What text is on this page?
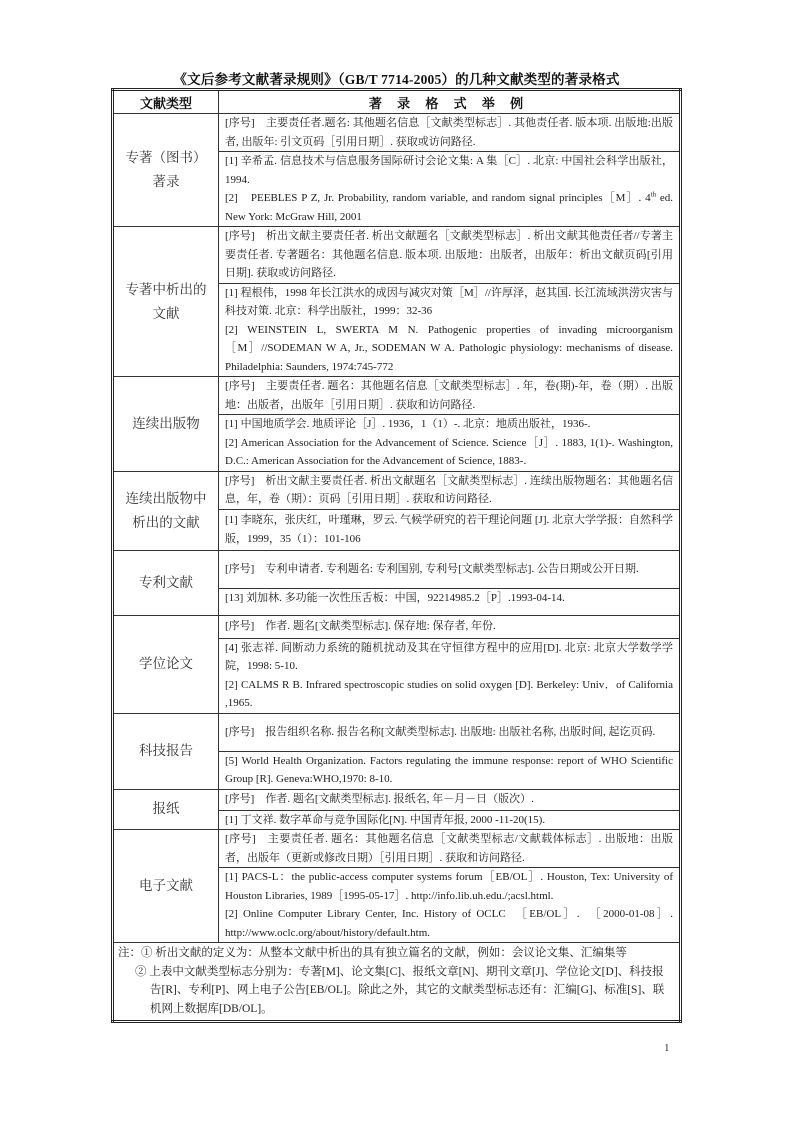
《文后参考文献著录规则》（GB/T 7714-2005）的几种文献类型的著录格式
文献类型	著 录 格 式 举 例

专著（图书）
著录	[序号]　主要责任者.题名: 其他题名信息［文献类型标志］. 其他责任者. 版本项. 出版地:出版者, 出版年: 引文页码［引用日期］. 获取或访问路径.

	[1] 辛希孟. 信息技术与信息服务国际研讨会论文集: A 集［C］. 北京: 中国社会科学出版社，1994.

[2]　PEEBLES P Z, Jr. Probability, random variable, and random signal principles［M］. 4th ed. New York: McGraw Hill, 2001

专著中析出的
文献	[序号]　析出文献主要责任者. 析出文献题名［文献类型标志］. 析出文献其他责任者//专著主要责任者. 专著题名：其他题名信息. 版本项. 出版地：出版者，出版年：析出文献页码[引用日期]. 获取或访问路径.

	[1] 程根伟，1998 年长江洪水的成因与减灾对策［M］//许厚泽，赵其国. 长江流域洪涝灾害与科技对策. 北京：科学出版社，1999：32-36

[2] WEINSTEIN L, SWERTA M N. Pathogenic properties of invading microorganism　［M］//SODEMAN W A, Jr., SODEMAN W A. Pathologic physiology: mechanisms of disease. Philadelphia: Saunders, 1974:745-772

连续出版物	[序号]　主要责任者. 题名：其他题名信息［文献类型标志］. 年，卷(期)-年，卷（期）. 出版地：出版者，出版年［引用日期］. 获取和访问路径.

	[1] 中国地质学会. 地质评论［J］. 1936，1（1）-. 北京：地质出版社，1936-.

[2] American Association for the Advancement of Science. Science［J］. 1883, 1(1)-. Washington, D.C.: American Association for the Advancement of Science, 1883-.

连续出版物中
析出的文献	[序号]　析出文献主要责任者. 析出文献题名［文献类型标志］. 连续出版物题名：其他题名信息，年，卷（期）：页码［引用日期］. 获取和访问路径.

	[1] 李晓东，张庆红，叶瑾琳，罗云. 气候学研究的若干理论问题 [J]. 北京大学学报：自然科学版，1999，35（1）：101-106

专利文献	[序号]　专利申请者. 专利题名: 专利国别, 专利号[文献类型标志]. 公告日期或公开日期.

	[13] 刘加林. 多功能一次性压舌板：中国，92214985.2［P］.1993-04-14.

学位论文	[序号]　作者. 题名[文献类型标志]. 保存地: 保存者, 年份.

	[4] 张志祥. 间断动力系统的随机扰动及其在守恒律方程中的应用[D]. 北京: 北京大学数学学院，1998: 5-10.

[2] CALMS R B. Infrared spectroscopic studies on solid oxygen [D]. Berkeley: Univ．of California ,1965.

科技报告	[序号]　报告组织名称. 报告名称[文献类型标志]. 出版地: 出版社名称, 出版时间, 起讫页码.

	[5] World Health Organization. Factors regulating the immune response: report of WHO Scientific Group [R]. Geneva:WHO,1970: 8-10.

报纸	[序号]　作者. 题名[文献类型标志]. 报纸名, 年－月－日（版次）.

	[1] 丁文祥. 数字革命与竞争国际化[N]. 中国青年报, 2000 -11-20(15).

电子文献	[序号]　主要责任者. 题名：其他题名信息［文献类型标志/文献载体标志］. 出版地：出版者，出版年（更新或修改日期）［引用日期］. 获取和访问路径.

	[1] PACS-L：the public-access computer systems forum［EB/OL］. Houston, Tex: University of Houston Libraries, 1989［1995-05-17］. http://info.lib.uh.edu./;acsl.html.

[2] Online Computer Library Center, Inc. History of OCLC　［EB/OL］.　［2000-01-08］. http://www.oclc.org/about/history/default.htm.

注：① 析出文献的定义为：从整本文献中析出的具有独立篇名的文献，例如：会议论文集、汇编集等

② 上表中文献类型标志分别为：专著[M]、论文集[C]、报纸文章[N]、期刊文章[J]、学位论文[D]、科技报告[R]、专利[P]、网上电子公告[EB/OL]。除此之外，其它的文献类型标志还有：汇编[G]、标准[S]、联机网上数据库[DB/OL]。	

1
